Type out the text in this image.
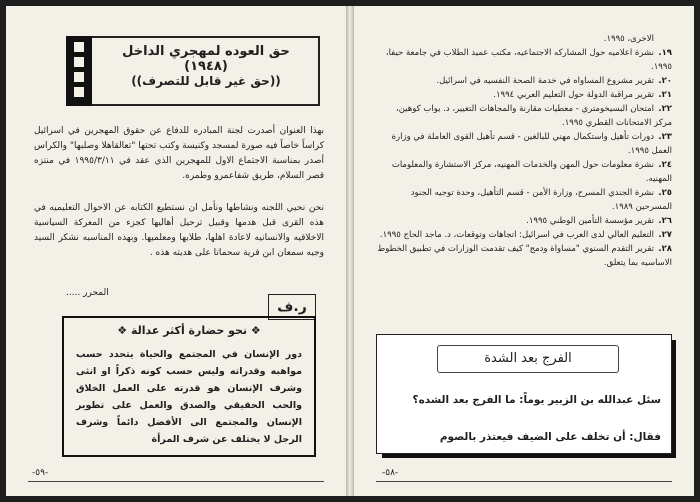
حق العوده لمهجري الداخل (١٩٤٨)
((حق غير قابل للتصرف))
بهذا العنوان أصدرت لجنة المبادره للدفاع عن حقوق المهجرين في اسرائيل كراساً خاصاً فيه صورة لمسجد وكنيسة وكتب تحتها "تعالقاهلا وصلبها" والكراس أصدر بمناسبة الاجتماع الاول للمهجرين الذي عقد في ١٩٩٥/٣/١١ في منتزه قصر السلام، طريق شفاعمرو وطمره.
نحن نحيي اللجنه ونشاطها ونأمل ان نستطيع الكتابه عن الاحوال التعليميه في هذه القرى قبل هدمها وقبيل ترحيل أهاليها كجزء من المعركة السياسية الاخلاقيه والانسانيه لاعادة اهلها، طلابها ومعلميها. وبهذه المناسبه نشكر السيد وجيه سمعان ابن قرية سحماتا على هديته هذه .
المحرر .....
ر.ف
❖ نحو حضارة أكثر عدالة ❖
دور الإنسان في المجتمع والحياة يتحدد حسب مواهبه وقدراته وليس حسب كونه ذكراً او انثى وشرف الإنسان هو قدرته على العمل الخلاق والحب الحقيقي والصدق والعمل على تطوير الإنسان والمجتمع الى الأفضل دائماً وشرف الرجل لا يختلف عن شرف المرأة
-٥٩-
الاخرى، ١٩٩٥.
١٩.نشرة اعلاميه حول المشاركه الاجتماعيه، مكتب عميد الطلاب في جامعة حيفا، ١٩٩٥.
٢٠.تقرير مشروع المساواه في خدمة الصحة النفسيه في اسرائيل.
٢١.تقرير مراقبة الدولة حول التعليم العربي ١٩٩٤.
٢٢.امتحان البسيخومتري - معطيات مقارنة والمجاهات التغيير، د. يواب كوهين، مركز الامتحانات القطري ١٩٩٥.
٢٣.دورات تأهيل واستكمال مهني للبالغين - قسم تأهيل القوى العاملة في وزارة العمل ١٩٩٥.
٢٤.نشرة معلومات حول المهن والخدمات المهنيه، مركز الاستشارة والمعلومات المهنيه.
٢٥.نشرة الجندي المسرح، وزارة الأمن - قسم التأهيل، وحدة توجيه الجنود المسرحين ١٩٨٩.
٢٦.تقرير مؤسسة التأمين الوطني ١٩٩٥.
٢٧.التعليم العالي لدى العرب في اسرائيل: اتجاهات وتوقعات، د. ماجد الحاج ١٩٩٥.
٢٨.تقرير التقدم السنوي "مساواة ودمج" كيف تقدمت الوزارات في تطبيق الخطوط الاساسيه بما يتعلق.
الفرج بعد الشدة
سئل عبدالله بن الزبير يوماً: ما الفرج بعد الشده؟
فقال: أن تخلف على الضيف فيعتذر بالصوم
-٥٨-
